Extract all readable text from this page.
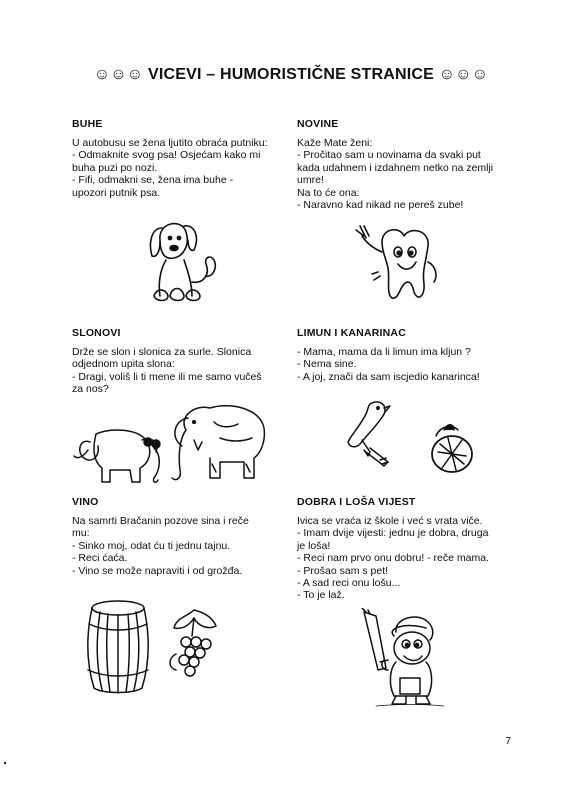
☺☺☺ VICEVI – HUMORISTIČNE STRANICE ☺☺☺
BUHE
U autobusu se žena ljutito obraća putniku:
- Odmaknite svog psa! Osjećam kako mi
buha puzi po nozi.
- Fifi, odmakni se, žena ima buhe -
upozori putnik psa.
NOVINE
Kaže Mate ženi:
- Pročitao sam u novinama da svaki put
kada udahnem i izdahnem netko na zemlji
umre!
Na to će ona:
- Naravno kad nikad ne pereš zube!
SLONOVI
Drže se slon i slonica za surle. Slonica
odjednom upita slona:
- Dragi, voliš li ti mene ili me samo vučeš
za nos?
LIMUN I KANARINAC
- Mama, mama da li limun ima kljun ?
- Nema sine.
- A joj, znači da sam iscjedio kanarinca!
VINO
Na samrti Bračanin pozove sina i reče
mu:
- Sinko moj, odat ću ti jednu tajnu.
- Reci ćaća.
- Vino se može napraviti i od grožđa.
DOBRA I LOŠA VIJEST
Ivica se vraća iz škole i već s vrata viče.
- Imam dvije vijesti: jednu je dobra, druga
je loša!
- Reci nam prvo onu dobru! - reče mama.
- Prošao sam s pet!
- A sad reci onu lošu...
- To je laž.
7
